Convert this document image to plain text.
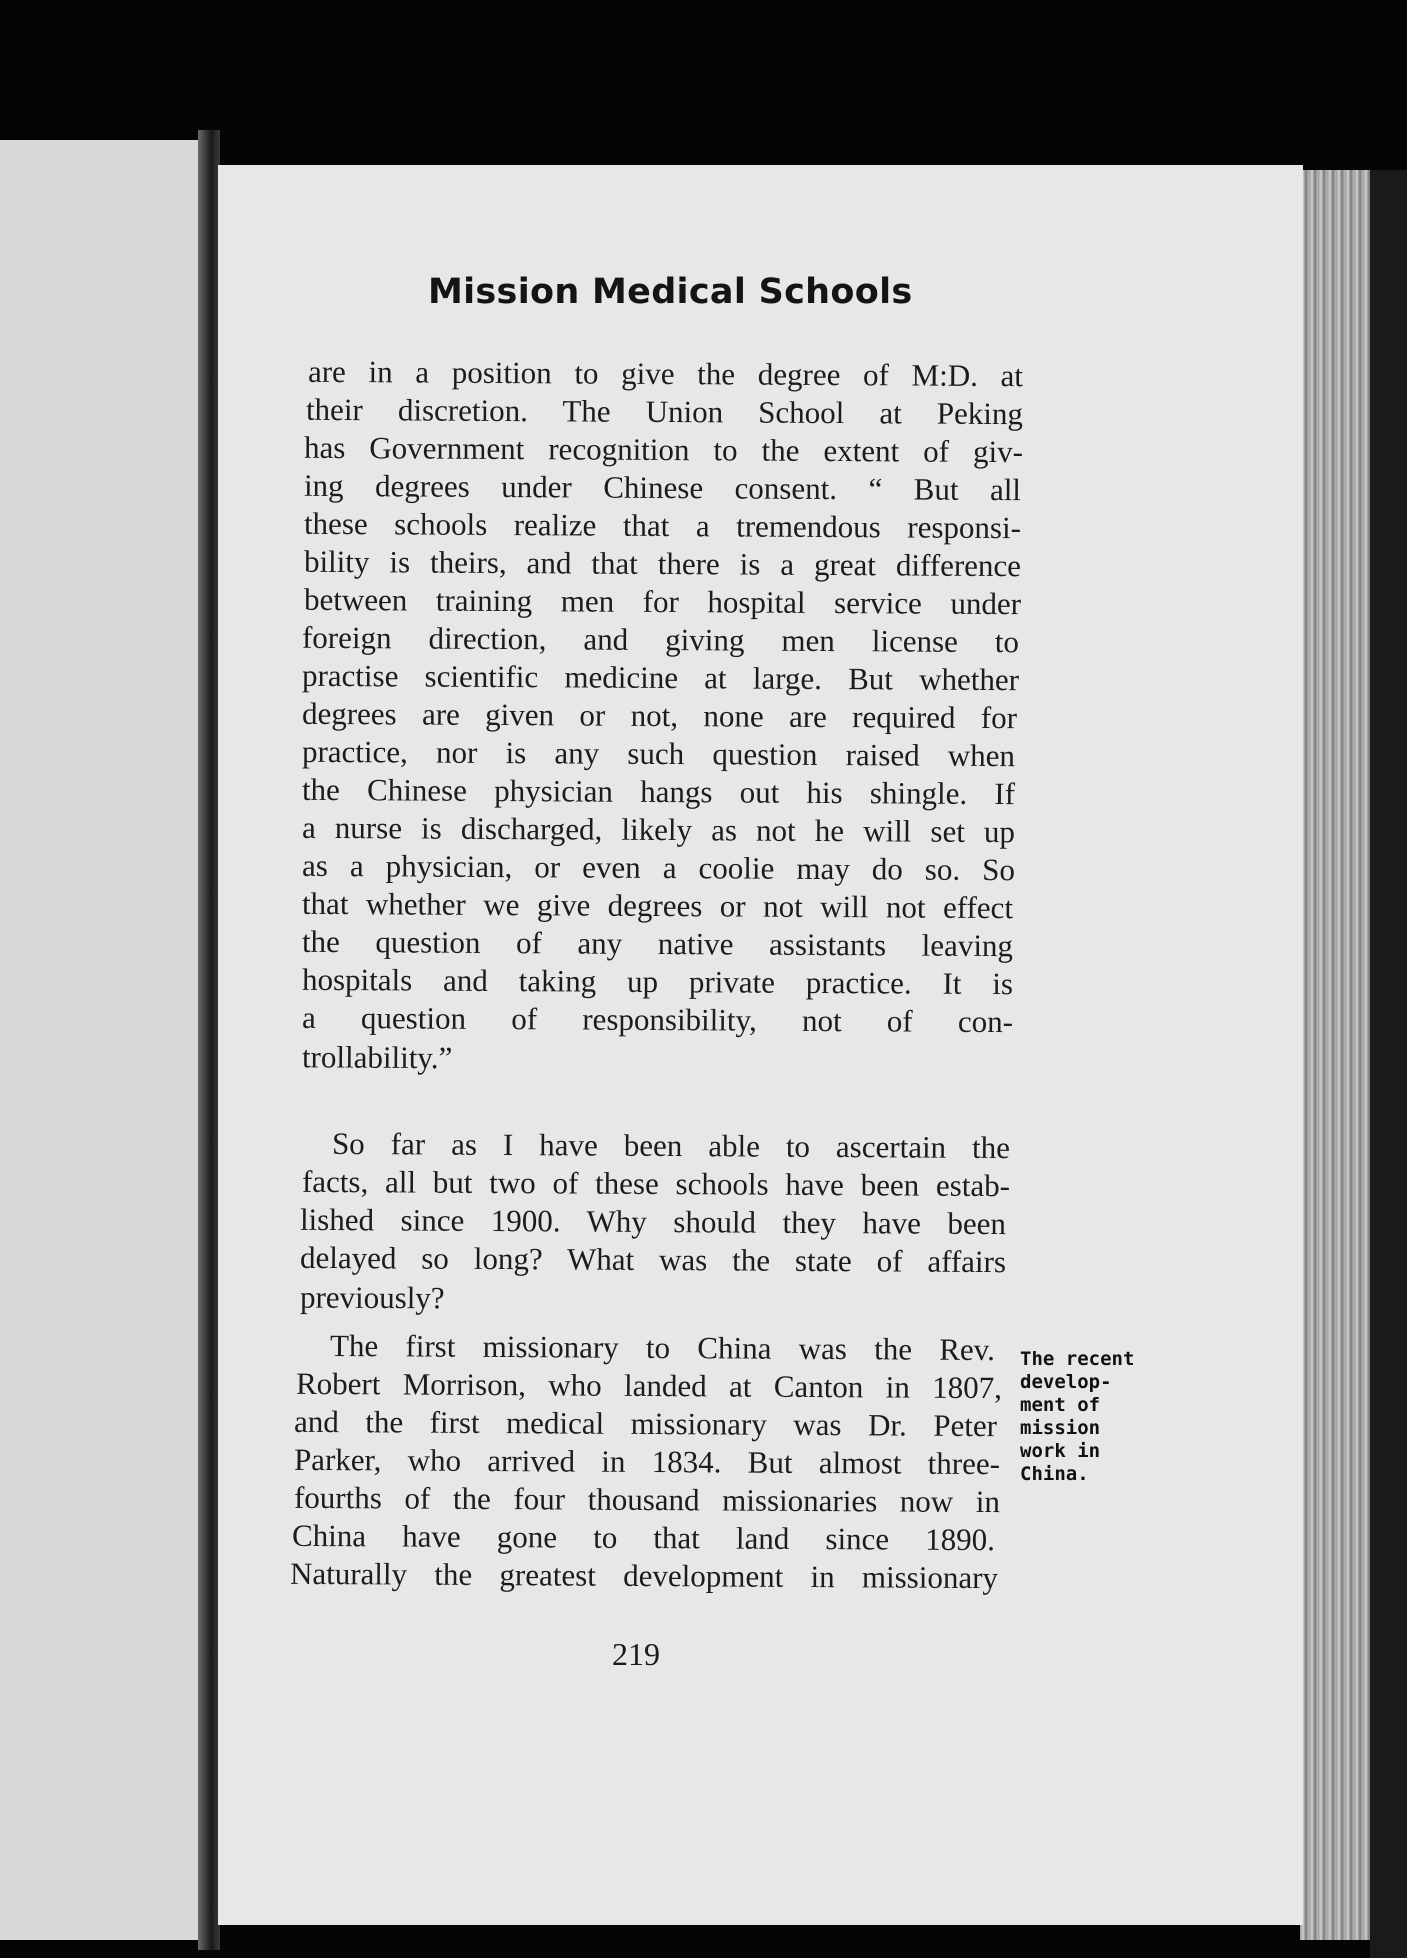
Mission Medical Schools
are in a position to give the degree of M:D. at
their discretion. The Union School at Peking
has Government recognition to the extent of giv-
ing degrees under Chinese consent. “ But all
these schools realize that a tremendous responsi-
bility is theirs, and that there is a great difference
between training men for hospital service under
foreign direction, and giving men license to
practise scientific medicine at large. But whether
degrees are given or not, none are required for
practice, nor is any such question raised when
the Chinese physician hangs out his shingle. If
a nurse is discharged, likely as not he will set up
as a physician, or even a coolie may do so. So
that whether we give degrees or not will not effect
the question of any native assistants leaving
hospitals and taking up private practice. It is
a question of responsibility, not of con-
trollability.”
So far as I have been able to ascertain the
facts, all but two of these schools have been estab-
lished since 1900. Why should they have been
delayed so long? What was the state of affairs
previously?
The first missionary to China was the Rev.
Robert Morrison, who landed at Canton in 1807,
and the first medical missionary was Dr. Peter
Parker, who arrived in 1834. But almost three-
fourths of the four thousand missionaries now in
China have gone to that land since 1890.
Naturally the greatest development in missionary
The recent
develop-
ment of
mission
work in
China.
219
